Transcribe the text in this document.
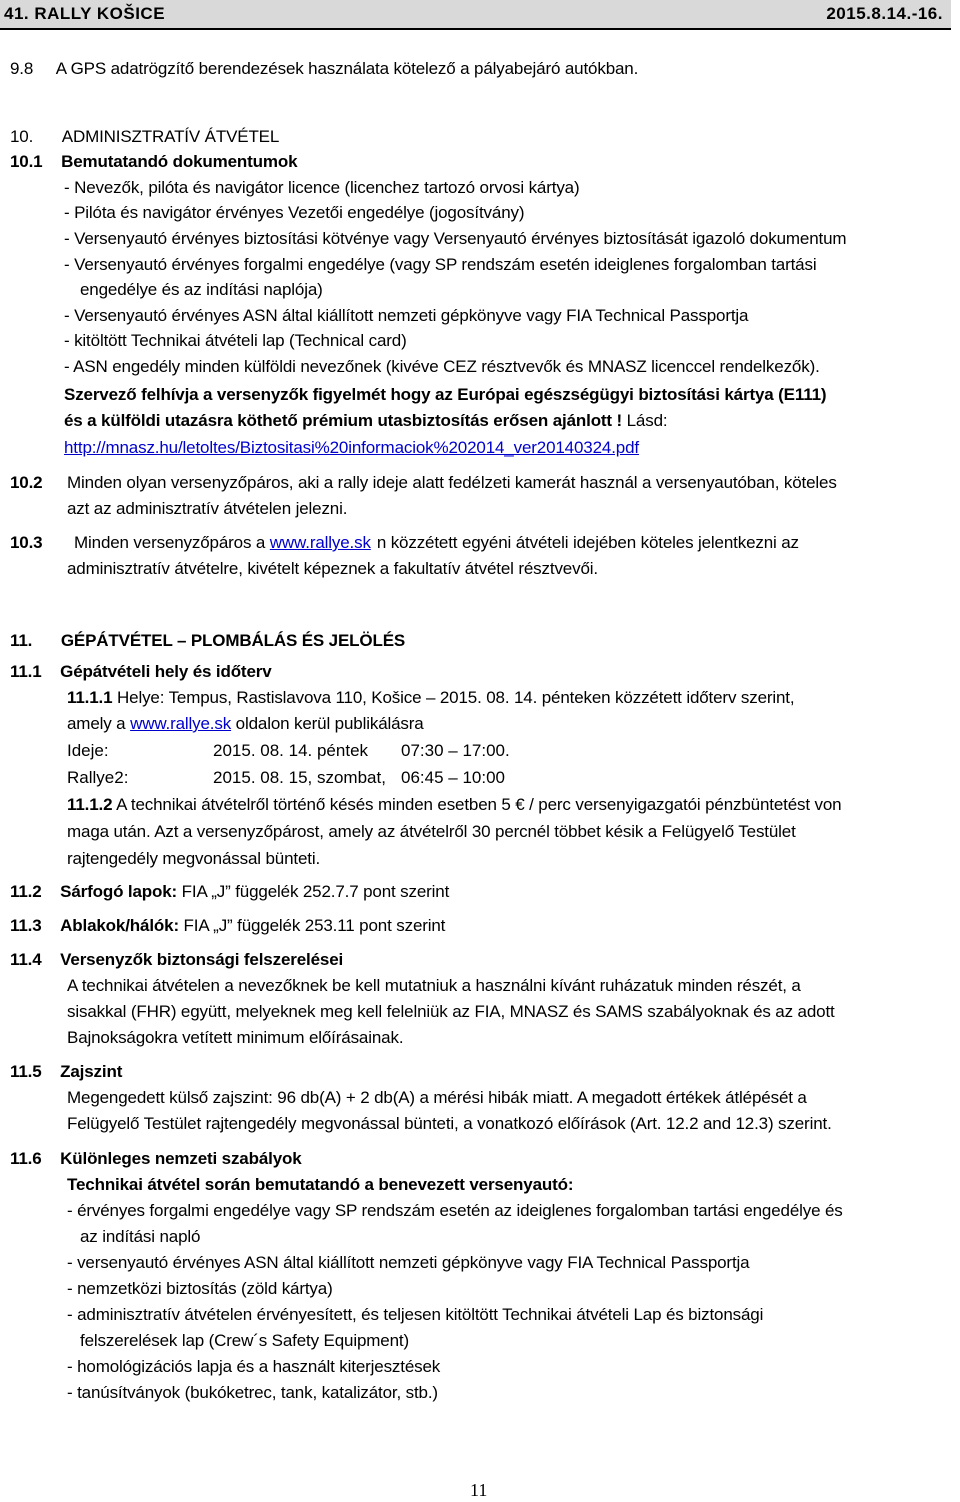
41. RALLY KOŠICE	2015.8.14.-16.
9.8 A GPS adatrögzítő berendezések használata kötelező a pályabejáró autókban.
10. ADMINISZTRATÍV ÁTVÉTEL
10.1 Bemutatandó dokumentumok
- Nevezők, pilóta és navigátor licence (licenchez tartozó orvosi kártya)
- Pilóta és navigátor érvényes Vezetői engedélye (jogosítvány)
- Versenyautó érvényes biztosítási kötvénye vagy Versenyautó érvényes biztosítását igazoló dokumentum
- Versenyautó érvényes forgalmi engedélye (vagy SP rendszám esetén ideiglenes forgalomban tartási
engedélye és az indítási naplója)
- Versenyautó érvényes ASN által kiállított nemzeti gépkönyve vagy FIA Technical Passportja
- kitöltött Technikai átvételi lap (Technical card)
- ASN engedély minden külföldi nevezőnek (kivéve CEZ résztvevők és MNASZ licenccel rendelkezők).
Szervező felhívja a versenyzők figyelmét hogy az Európai egészségügyi biztosítási kártya (E111)
és a külföldi utazásra köthető prémium utasbiztosítás erősen ajánlott ! Lásd:
http://mnasz.hu/letoltes/Biztositasi%20informaciok%202014_ver20140324.pdf
10.2 Minden olyan versenyzőpáros, aki a rally ideje alatt fedélzeti kamerát használ a versenyautóban, köteles
azt az adminisztratív átvételen jelezni.
10.3 Minden versenyzőpáros a www.rallye.sk n közzétett egyéni átvételi idejében köteles jelentkezni az
adminisztratív átvételre, kivételt képeznek a fakultatív átvétel résztvevői.
11. GÉPÁTVÉTEL – PLOMBÁLÁS ÉS JELÖLÉS
11.1 Gépátvételi hely és időterv
11.1.1 Helye: Tempus, Rastislavova 110, Košice – 2015. 08. 14. pénteken közzétett időterv szerint,
amely a www.rallye.sk oldalon kerül publikálásra
Ideje:	2015. 08. 14. péntek 07:30 – 17:00.
Rallye2:	2015. 08. 15, szombat, 06:45 – 10:00
11.1.2 A technikai átvételről történő késés minden esetben 5 € / perc versenyigazgatói pénzbüntetést von
maga után. Azt a versenyzőpárost, amely az átvételről 30 percnél többet késik a Felügyelő Testület
rajtengedély megvonással bünteti.
11.2 Sárfogó lapok: FIA „J” függelék 252.7.7 pont szerint
11.3 Ablakok/hálók: FIA „J” függelék 253.11 pont szerint
11.4 Versenyzők biztonsági felszerelései
A technikai átvételen a nevezőknek be kell mutatniuk a használni kívánt ruházatuk minden részét, a
sisakkal (FHR) együtt, melyeknek meg kell felelniük az FIA, MNASZ és SAMS szabályoknak és az adott
Bajnokságokra vetített minimum előírásainak.
11.5 Zajszint
Megengedett külső zajszint: 96 db(A) + 2 db(A) a mérési hibák miatt. A megadott értékek átlépését a
Felügyelő Testület rajtengedély megvonással bünteti, a vonatkozó előírások (Art. 12.2 and 12.3) szerint.
11.6 Különleges nemzeti szabályok
Technikai átvétel során bemutatandó a benevezett versenyautó:
- érvényes forgalmi engedélye vagy SP rendszám esetén az ideiglenes forgalomban tartási engedélye és
az indítási napló
- versenyautó érvényes ASN által kiállított nemzeti gépkönyve vagy FIA Technical Passportja
- nemzetközi biztosítás (zöld kártya)
- adminisztratív átvételen érvényesített, és teljesen kitöltött Technikai átvételi Lap és biztonsági
felszerelések lap (Crew´s Safety Equipment)
- homológizációs lapja és a használt kiterjesztések
- tanúsítványok (bukóketrec, tank, katalizátor, stb.)
11
